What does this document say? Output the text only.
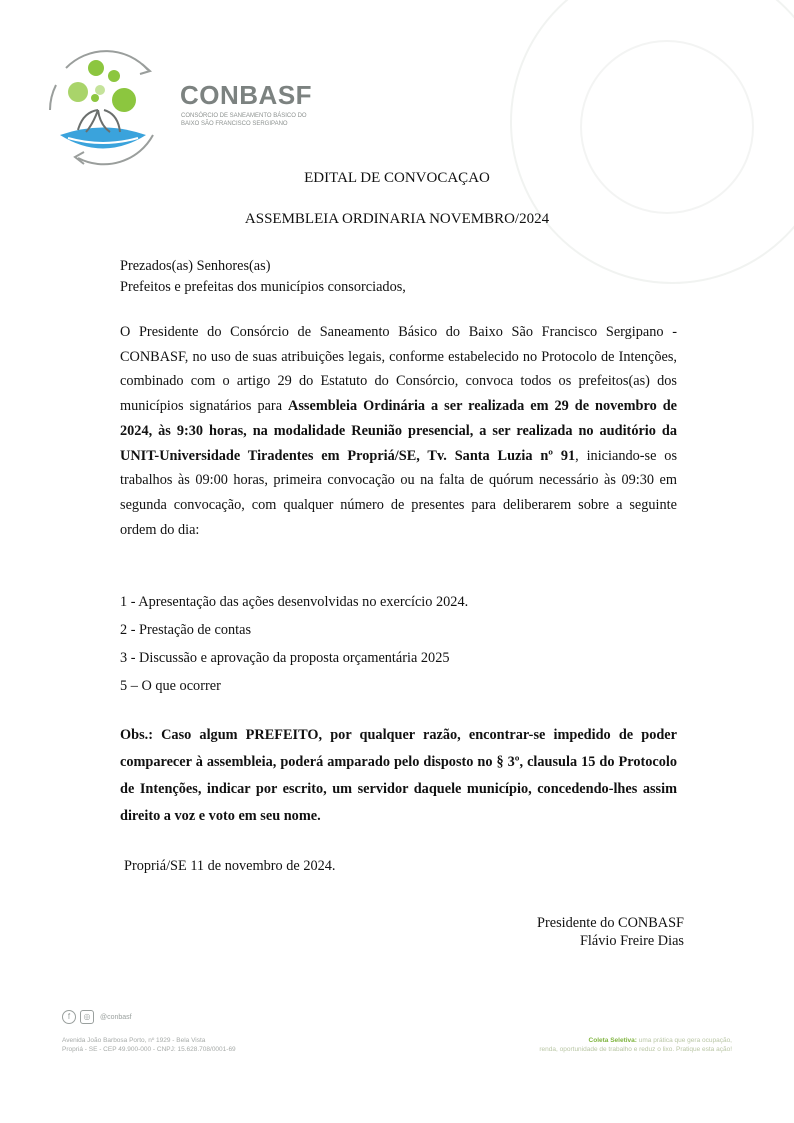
CONBASF
CONSÓRCIO DE SANEAMENTO BÁSICO DO
BAIXO SÃO FRANCISCO SERGIPANO
EDITAL DE CONVOCAÇAO
ASSEMBLEIA ORDINARIA NOVEMBRO/2024
Prezados(as) Senhores(as)
Prefeitos e prefeitas dos municípios consorciados,
O Presidente do Consórcio de Saneamento Básico do Baixo São Francisco Sergipano - CONBASF, no uso de suas atribuições legais, conforme estabelecido no Protocolo de Intenções, combinado com o artigo 29 do Estatuto do Consórcio, convoca todos os prefeitos(as) dos municípios signatários para Assembleia Ordinária a ser realizada em 29 de novembro de 2024, às 9:30 horas, na modalidade Reunião presencial, a ser realizada no auditório da UNIT-Universidade Tiradentes em Propriá/SE, Tv. Santa Luzia nº 91, iniciando-se os trabalhos às 09:00 horas, primeira convocação ou na falta de quórum necessário às 09:30 em segunda convocação, com qualquer número de presentes para deliberarem sobre a seguinte ordem do dia:
1 - Apresentação das ações desenvolvidas no exercício 2024.
2 - Prestação de contas
3 - Discussão e aprovação da proposta orçamentária 2025
5 – O que ocorrer
Obs.: Caso algum PREFEITO, por qualquer razão, encontrar-se impedido de poder comparecer à assembleia, poderá amparado pelo disposto no § 3º, clausula 15 do Protocolo de Intenções, indicar por escrito, um servidor daquele município, concedendo-lhes assim direito a voz e voto em seu nome.
Propriá/SE 11 de novembro de 2024.
Presidente do CONBASF
Flávio Freire Dias
f	◎	@conbasf
Avenida João Barbosa Porto, nº 1929 - Bela Vista
Propriá - SE - CEP 49.900-000 - CNPJ: 15.628.708/0001-69
Coleta Seletiva: uma prática que gera ocupação,
renda, oportunidade de trabalho e reduz o lixo. Pratique esta ação!
